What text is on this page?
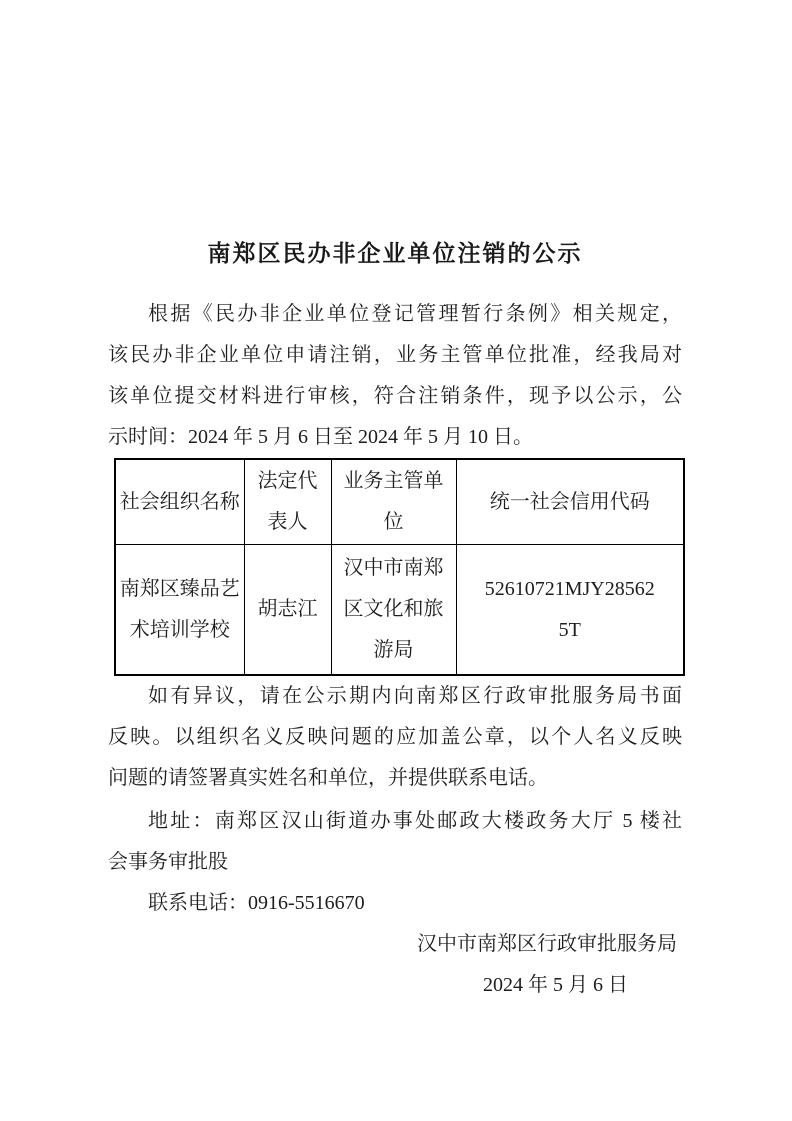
南郑区民办非企业单位注销的公示
根据《民办非企业单位登记管理暂行条例》相关规定，
该民办非企业单位申请注销，业务主管单位批准，经我局对
该单位提交材料进行审核，符合注销条件，现予以公示，公
示时间：2024 年 5 月 6 日至 2024 年 5 月 10 日。
社会组织名称	法定代表人	业务主管单位	统一社会信用代码
南郑区臻品艺术培训学校	胡志江	汉中市南郑区文化和旅游局	52610721MJY285625T
如有异议，请在公示期内向南郑区行政审批服务局书面
反映。以组织名义反映问题的应加盖公章，以个人名义反映
问题的请签署真实姓名和单位，并提供联系电话。
地址：南郑区汉山街道办事处邮政大楼政务大厅 5 楼社
会事务审批股
联系电话：0916-5516670
汉中市南郑区行政审批服务局
2024 年 5 月 6 日
